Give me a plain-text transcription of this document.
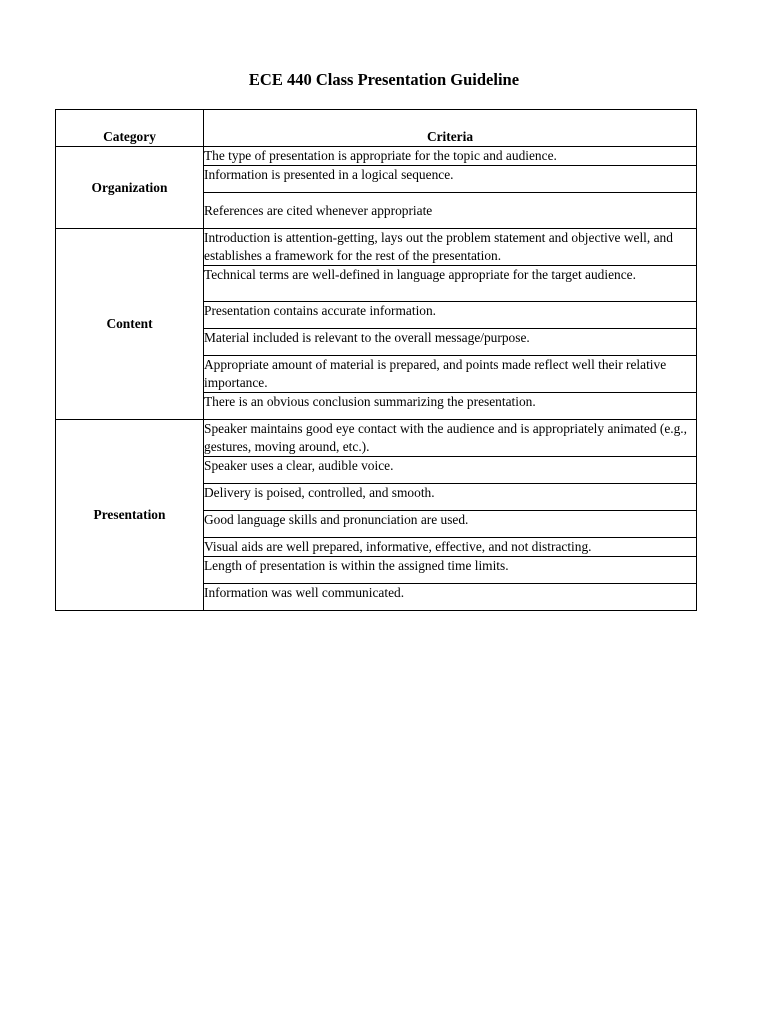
ECE 440 Class Presentation Guideline
Category	Criteria
Organization	The type of presentation is appropriate for the topic and audience.
	Information is presented in a logical sequence.
	References are cited whenever appropriate
Content	Introduction is attention-getting, lays out the problem statement and objective well, and establishes a framework for the rest of the presentation.
	Technical terms are well-defined in language appropriate for the target audience.
	Presentation contains accurate information.
	Material included is relevant to the overall message/purpose.
	Appropriate amount of material is prepared, and points made reflect well their relative importance.
	There is an obvious conclusion summarizing the presentation.
Presentation	Speaker maintains good eye contact with the audience and is appropriately animated (e.g., gestures, moving around, etc.).
	Speaker uses a clear, audible voice.
	Delivery is poised, controlled, and smooth.
	Good language skills and pronunciation are used.
	Visual aids are well prepared, informative, effective, and not distracting.
	Length of presentation is within the assigned time limits.
	Information was well communicated.
